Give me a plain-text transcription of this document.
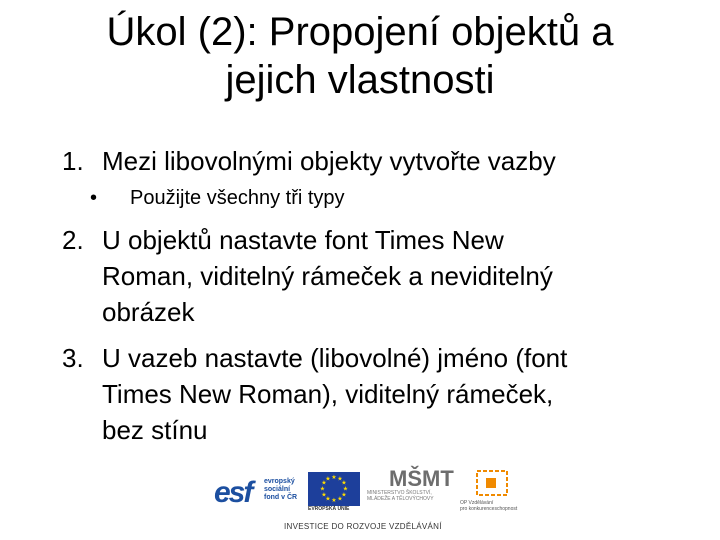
Úkol (2): Propojení objektů a
jejich vlastnosti
1. Mezi libovolnými objekty vytvořte vazby
• Použijte všechny tři typy
2. U objektů nastavte font Times New
Roman, viditelný rámeček a neviditelný
obrázek
3. U vazeb nastavte (libovolné) jméno (font
Times New Roman), viditelný rámeček,
bez stínu
esf evropský
sociální
fond v ČR
★ ★
★
★
★
★
★
★
★
★
★
★
EVROPSKÁ UNIE
MŠMT
MINISTERSTVO ŠKOLSTVÍ,
MLÁDEŽE A TĚLOVÝCHOVY
OP Vzdělávání
pro konkurenceschopnost
INVESTICE DO ROZVOJE VZDĚLÁVÁNÍ
